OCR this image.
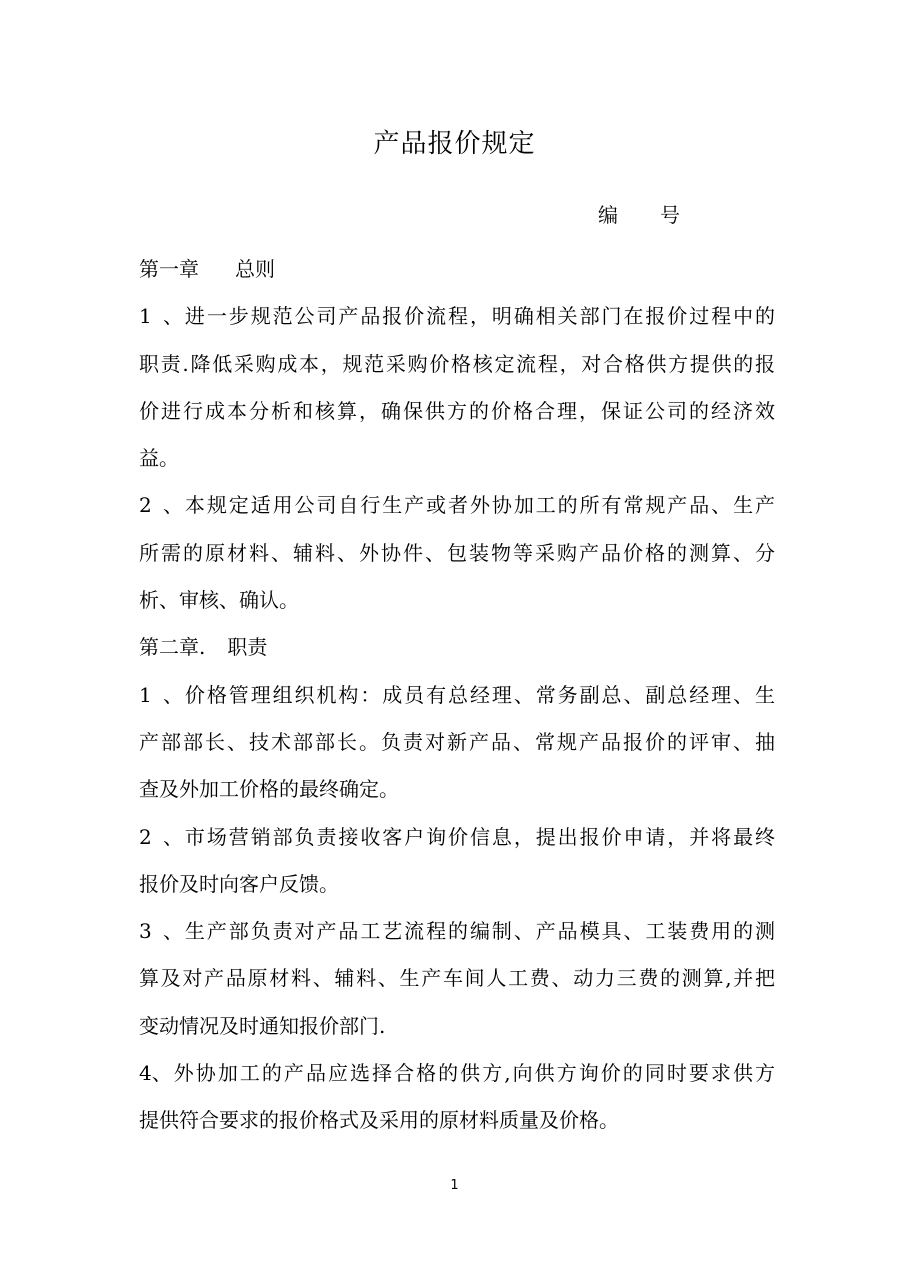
产品报价规定
编 号
第一章 总则
1、进一步规范公司产品报价流程，明确相关部门在报价过程中的
职责.降低采购成本，规范采购价格核定流程，对合格供方提供的报
价进行成本分析和核算，确保供方的价格合理，保证公司的经济效
益。
2、本规定适用公司自行生产或者外协加工的所有常规产品、生产
所需的原材料、辅料、外协件、包装物等采购产品价格的测算、分
析、审核、确认。
第二章. 职责
1、价格管理组织机构：成员有总经理、常务副总、副总经理、生
产部部长、技术部部长。负责对新产品、常规产品报价的评审、抽
查及外加工价格的最终确定。
2、市场营销部负责接收客户询价信息，提出报价申请，并将最终
报价及时向客户反馈。
3、生产部负责对产品工艺流程的编制、产品模具、工装费用的测
算及对产品原材料、辅料、生产车间人工费、动力三费的测算,并把
变动情况及时通知报价部门.
4、外协加工的产品应选择合格的供方,向供方询价的同时要求供方
提供符合要求的报价格式及采用的原材料质量及价格。
1
